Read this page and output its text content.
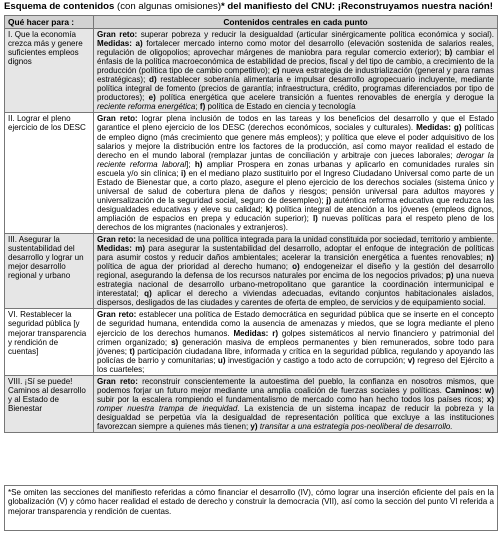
Esquema de contenidos (con algunas omisiones)* del manifiesto del CNU: ¡Reconstruyamos nuestra nación!
Qué hacer para :	Contenidos centrales en cada punto
I. Que la economía crezca más y genere suficientes empleos dignos	Gran reto: superar pobreza y reducir la desigualdad (articular sinérgicamente política económica y social). Medidas: a) fortalecer mercado interno como motor del desarrollo (elevación sostenida de salarios reales, regulación de oligopolios; aprovechar márgenes de maniobra para regular comercio exterior); b) cambiar el énfasis de la política macroeconómica de estabilidad de precios, fiscal y del tipo de cambio, a crecimiento de la producción (política tipo de cambio competitivo); c) nueva estrategia de industrialización (general y para ramas estratégicas); d) restablecer soberanía alimentaria e impulsar desarrollo agropecuario incluyente, mediante política integral de fomento (precios de garantía; infraestructura, crédito, programas diferenciados por tipo de productores); e) política energética que acelere transición a fuentes renovables de energía y derogue la reciente reforma energética; f) política de Estado en ciencia y tecnología
II. Lograr el pleno ejercicio de los DESC	Gran reto: lograr plena inclusión de todos en las tareas y los beneficios del desarrollo y que el Estado garantice el pleno ejercicio de los DESC (derechos económicos, sociales y culturales). Medidas: g) políticas de empleo digno (más crecimiento que genere más empleos); y política que eleve el poder adquisitivo de los salarios y mejore la distribución entre los factores de la producción, así como mayor realidad el estado de derecho en el mundo laboral (remplazar juntas de conciliación y arbitraje con jueces laborales; derogar la reciente reforma laboral]; h) ampliar Prospera en zonas urbanas y aplicarlo en comunidades rurales sin escuela y/o sin clínica; i) en el mediano plazo sustituirlo por el Ingreso Ciudadano Universal como parte de un Estado de Bienestar que, a corto plazo, asegure el pleno ejercicio de los derechos sociales (sistema único y universal de salud de cobertura plena de daños y riesgos; pensión universal para adultos mayores y universalización de la seguridad social, seguro de desempleo); j) auténtica reforma educativa que reduzca las desigualdades educativas y eleve su calidad; k) política integral de atención a los jóvenes (empleos dignos, ampliación de espacios en prepa y educación superior); l) nuevas políticas para el respeto pleno de los derechos de los migrantes (nacionales y extranjeros).
III. Asegurar la sustentabilidad del desarrollo y lograr un mejor desarrollo regional y urbano	Gran reto: la necesidad de una política integrada para la unidad constituida por sociedad, territorio y ambiente. Medidas: m) para asegurar la sustentabilidad del desarrollo, adoptar el enfoque de integración de políticas para asumir costos y reducir daños ambientales; acelerar la transición energética a fuentes renovables; n) política de agua der prioridad al derecho humano; o) endogeneizar el diseño y la gestión del desarrollo regional, asegurando la defensa de los recursos naturales por encima de los negocios privados; p) una nueva estrategia nacional de desarrollo urbano-metropolitano que garantice la coordinación intermunicipal e interestatal; q) aplicar el derecho a viviendas adecuadas, evitando conjuntos habitacionales aislados, dispersos, desligados de las ciudades y carentes de oferta de empleo, de servicios y de equipamiento social.
VI. Restablecer la seguridad pública [y mejorar transparencia y rendición de cuentas]	Gran reto: establecer una política de Estado democrática en seguridad pública que se inserte en el concepto de seguridad humana, entendida como la ausencia de amenazas y miedos, que se logra mediante el pleno ejercicio de los derechos humanos. Medidas: r) golpes sistemáticos al nervio financiero y patrimonial del crimen organizado; s) generación masiva de empleos permanentes y bien remunerados, sobre todo para jóvenes; t) participación ciudadana libre, informada y crítica en la seguridad pública, regulando y apoyando las policías de barrio y comunitarias; u) investigación y castigo a todo acto de corrupción; v) regreso del Ejército a los cuarteles;
VIII. ¡Sí se puede! Caminos al desarrollo y al Estado de Bienestar	Gran reto: reconstruir conscientemente la autoestima del pueblo, la confianza en nosotros mismos, que podemos forjar un futuro mejor mediante una amplia coalición de fuerzas sociales y políticas. Caminos: w) subir por la escalera rompiendo el fundamentalismo de mercado como han hecho todos los países ricos; x) romper nuestra trampa de inequidad. La existencia de un sistema incapaz de reducir la pobreza y la desigualdad se perpetúa vía la desigualdad de representación política que excluye a las instituciones favorezcan siempre a quienes más tienen; y) transitar a una estrategia pos-neoliberal de desarrollo.
*Se omiten las secciones del manifiesto referidas a cómo financiar el desarrollo (IV), cómo lograr una inserción eficiente del país en la globalización (V) y cómo hacer realidad el estado de derecho y construir la democracia (VII), así como la sección del punto VI referida a mejorar transparencia y rendición de cuentas.
